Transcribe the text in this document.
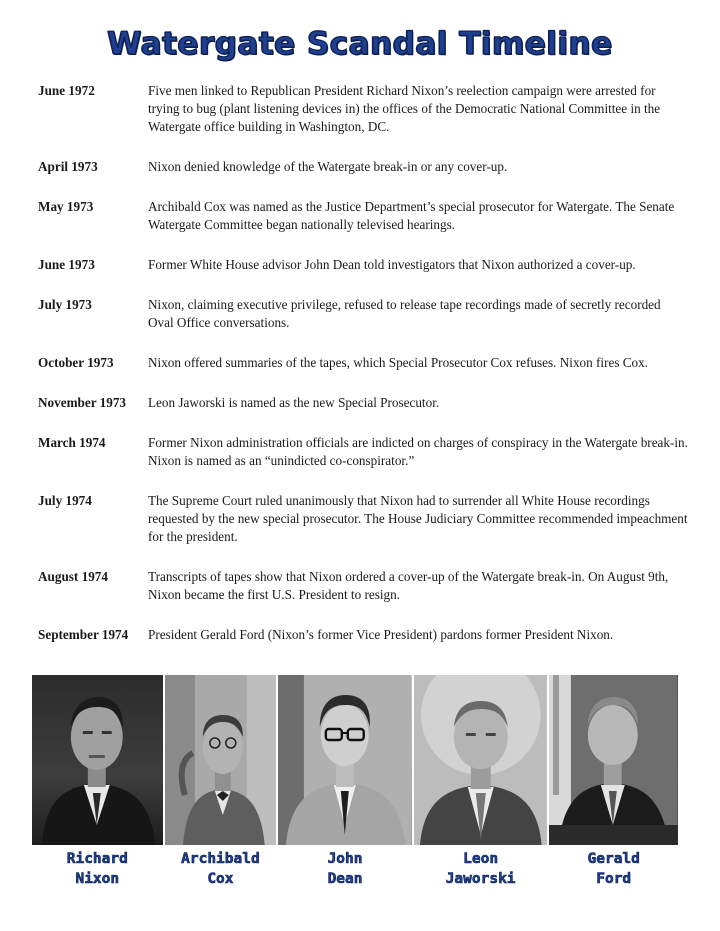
Watergate Scandal Timeline
June 1972	Five men linked to Republican President Richard Nixon’s reelection campaign were arrested for trying to bug (plant listening devices in) the offices of the Democratic National Committee in the Watergate office building in Washington, DC.
April 1973	Nixon denied knowledge of the Watergate break-in or any cover-up.
May 1973	Archibald Cox was named as the Justice Department’s special prosecutor for Watergate. The Senate Watergate Committee began nationally televised hearings.
June 1973	Former White House advisor John Dean told investigators that Nixon authorized a cover-up.
July 1973	Nixon, claiming executive privilege, refused to release tape recordings made of secretly recorded Oval Office conversations.
October 1973	Nixon offered summaries of the tapes, which Special Prosecutor Cox refuses. Nixon fires Cox.
November 1973	Leon Jaworski is named as the new Special Prosecutor.
March 1974	Former Nixon administration officials are indicted on charges of conspiracy in the Watergate break-in. Nixon is named as an “unindicted co-conspirator.”
July 1974	The Supreme Court ruled unanimously that Nixon had to surrender all White House recordings requested by the new special prosecutor. The House Judiciary Committee recommended impeachment for the president.
August 1974	Transcripts of tapes show that Nixon ordered a cover-up of the Watergate break-in. On August 9th, Nixon became the first U.S. President to resign.
September 1974	President Gerald Ford (Nixon’s former Vice President) pardons former President Nixon.
Richard
Nixon
Archibald
Cox
John
Dean
Leon
Jaworski
Gerald
Ford
